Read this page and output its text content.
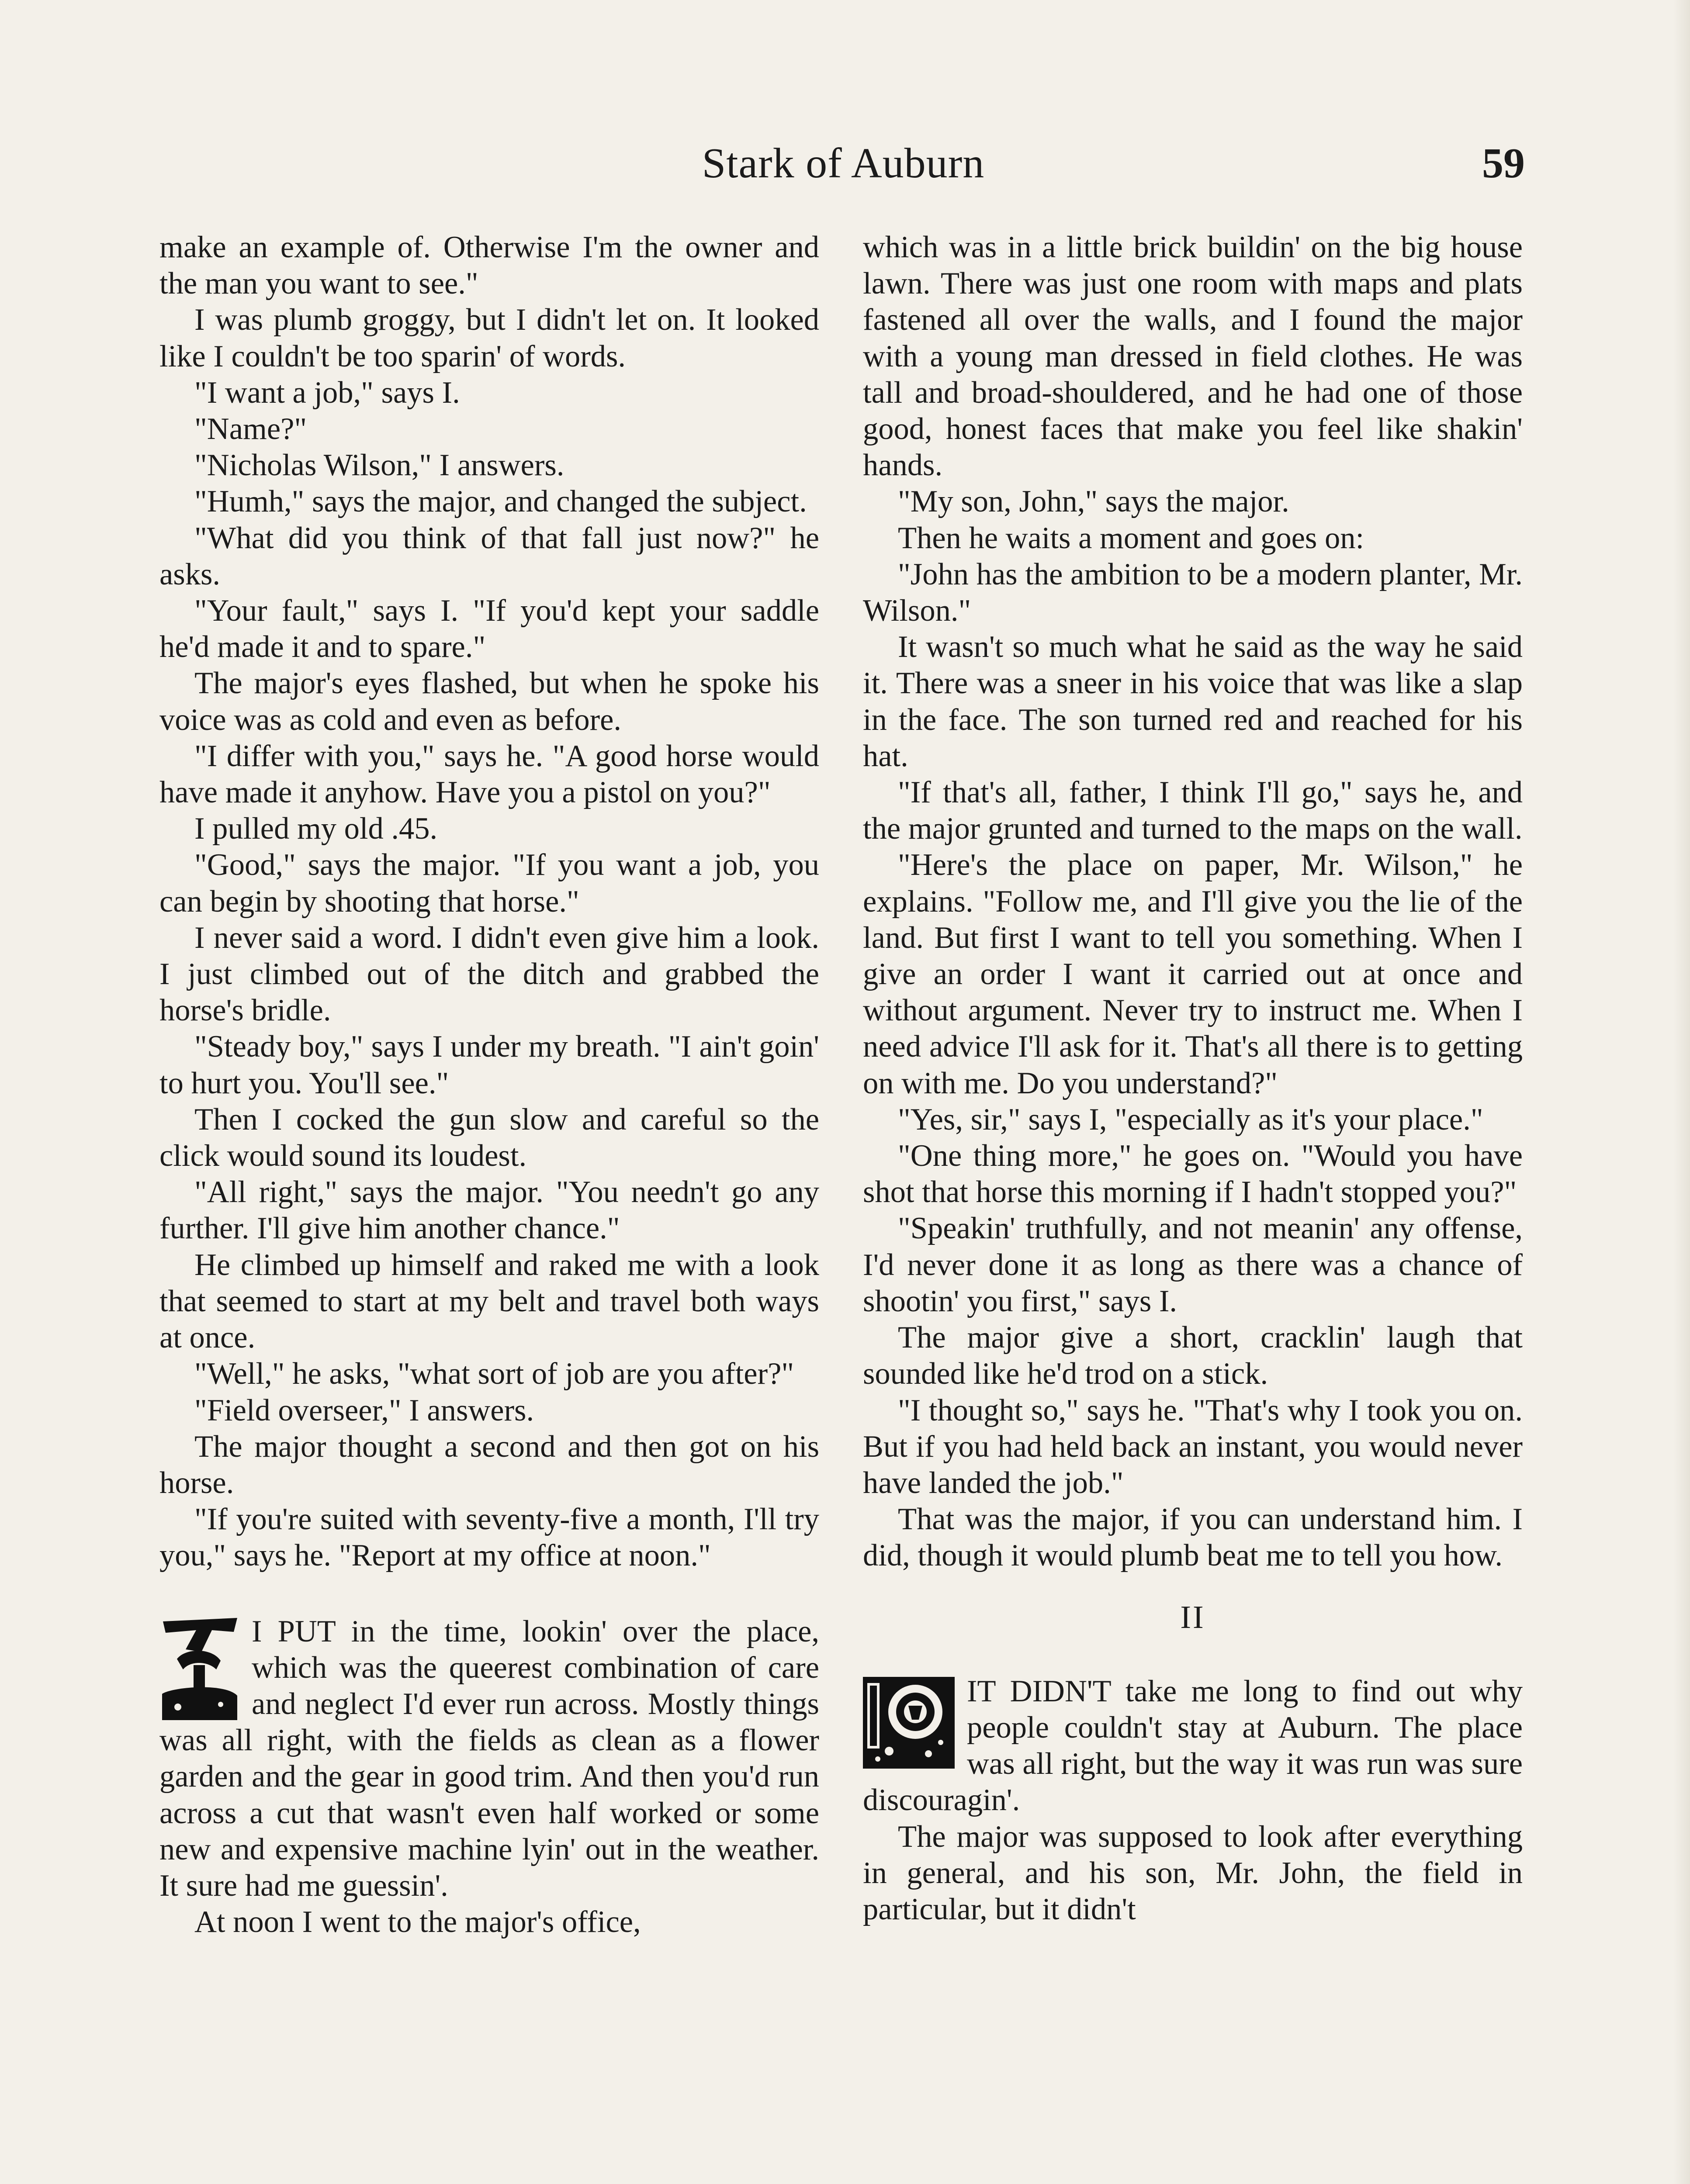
Stark of Auburn	59

make an example of. Otherwise I'm the owner and the man you want to see."

I was plumb groggy, but I didn't let on. It looked like I couldn't be too sparin' of words.

"I want a job," says I.

"Name?"

"Nicholas Wilson," I answers.

"Humh," says the major, and changed the subject.

"What did you think of that fall just now?" he asks.

"Your fault," says I. "If you'd kept your saddle he'd made it and to spare."

The major's eyes flashed, but when he spoke his voice was as cold and even as before.

"I differ with you," says he. "A good horse would have made it anyhow. Have you a pistol on you?"

I pulled my old .45.

"Good," says the major. "If you want a job, you can begin by shooting that horse."

I never said a word. I didn't even give him a look. I just climbed out of the ditch and grabbed the horse's bridle.

"Steady boy," says I under my breath. "I ain't goin' to hurt you. You'll see."

Then I cocked the gun slow and careful so the click would sound its loudest.

"All right," says the major. "You needn't go any further. I'll give him another chance."

He climbed up himself and raked me with a look that seemed to start at my belt and travel both ways at once.

"Well," he asks, "what sort of job are you after?"

"Field overseer," I answers.

The major thought a second and then got on his horse.

"If you're suited with seventy-five a month, I'll try you," says he. "Report at my office at noon."

I PUT in the time, lookin' over the place, which was the queerest combination of care and neglect I'd ever run across. Mostly things was all right, with the fields as clean as a flower garden and the gear in good trim. And then you'd run across a cut that wasn't even half worked or some new and expensive machine lyin' out in the weather. It sure had me guessin'.

At noon I went to the major's office,

which was in a little brick buildin' on the big house lawn. There was just one room with maps and plats fastened all over the walls, and I found the major with a young man dressed in field clothes. He was tall and broad-shouldered, and he had one of those good, honest faces that make you feel like shakin' hands.

"My son, John," says the major.

Then he waits a moment and goes on:

"John has the ambition to be a modern planter, Mr. Wilson."

It wasn't so much what he said as the way he said it. There was a sneer in his voice that was like a slap in the face. The son turned red and reached for his hat.

"If that's all, father, I think I'll go," says he, and the major grunted and turned to the maps on the wall.

"Here's the place on paper, Mr. Wilson," he explains. "Follow me, and I'll give you the lie of the land. But first I want to tell you something. When I give an order I want it carried out at once and without argument. Never try to instruct me. When I need advice I'll ask for it. That's all there is to getting on with me. Do you understand?"

"Yes, sir," says I, "especially as it's your place."

"One thing more," he goes on. "Would you have shot that horse this morning if I hadn't stopped you?"

"Speakin' truthfully, and not meanin' any offense, I'd never done it as long as there was a chance of shootin' you first," says I.

The major give a short, cracklin' laugh that sounded like he'd trod on a stick.

"I thought so," says he. "That's why I took you on. But if you had held back an instant, you would never have landed the job."

That was the major, if you can understand him. I did, though it would plumb beat me to tell you how.

II

IT DIDN'T take me long to find out why people couldn't stay at Auburn. The place was all right, but the way it was run was sure discouragin'.

The major was supposed to look after everything in general, and his son, Mr. John, the field in particular, but it didn't
